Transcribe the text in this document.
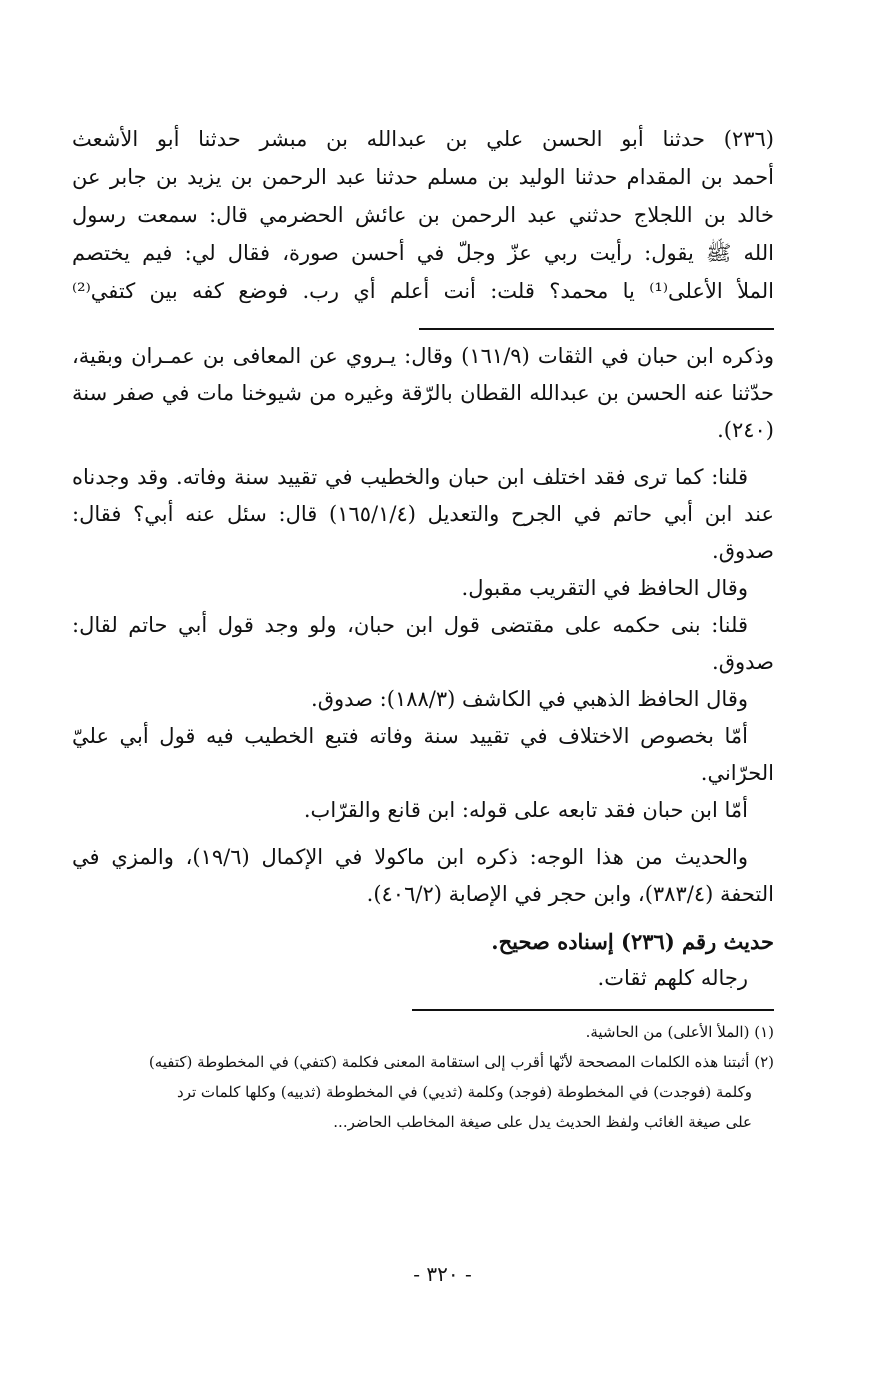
(٢٣٦) حدثنا أبو الحسن علي بن عبدالله بن مبشر حدثنا أبو الأشعث

أحمد بن المقدام حدثنا الوليد بن مسلم حدثنا عبد الرحمن بن يزيد بن جابر عن

خالد بن اللجلاج حدثني عبد الرحمن بن عائش الحضرمي قال: سمعت رسول

الله ﷺ يقول: رأيت ربي عزّ وجلّ في أحسن صورة، فقال لي: فيم يختصم

الملأ الأعلى⁽¹⁾ يا محمد؟ قلت: أنت أعلم أي رب. فوضع كفه بين كتفي⁽²⁾

وذكره ابن حبان في الثقات (١٦١/٩) وقال: يـروي عن المعافى بن عمـران وبقية، حدّثنا عنه الحسن بن عبدالله القطان بالرّقة وغيره من شيوخنا مات في صفر سنة (٢٤٠).

قلنا: كما ترى فقد اختلف ابن حبان والخطيب في تقييد سنة وفاته. وقد وجدناه عند ابن أبي حاتم في الجرح والتعديل (١٦٥/١/٤) قال: سئل عنه أبي؟ فقال: صدوق.

وقال الحافظ في التقريب مقبول.

قلنا: بنى حكمه على مقتضى قول ابن حبان، ولو وجد قول أبي حاتم لقال: صدوق.

وقال الحافظ الذهبي في الكاشف (١٨٨/٣): صدوق.

أمّا بخصوص الاختلاف في تقييد سنة وفاته فتبع الخطيب فيه قول أبي عليّ الحرّاني.

أمّا ابن حبان فقد تابعه على قوله: ابن قانع والقرّاب.

والحديث من هذا الوجه: ذكره ابن ماكولا في الإكمال (١٩/٦)، والمزي في التحفة (٣٨٣/٤)، وابن حجر في الإصابة (٤٠٦/٢).

حديث رقم (٢٣٦) إسناده صحيح.

رجاله كلهم ثقات.

(١) (الملأ الأعلى) من الحاشية.

(٢) أثبتنا هذه الكلمات المصححة لأنّها أقرب إلى استقامة المعنى فكلمة (كتفي) في المخطوطة (كتفيه)

وكلمة (فوجدت) في المخطوطة (فوجد) وكلمة (ثديي) في المخطوطة (ثدييه) وكلها كلمات ترد

على صيغة الغائب ولفظ الحديث يدل على صيغة المخاطب الحاضر...

- ٣٢٠ -
